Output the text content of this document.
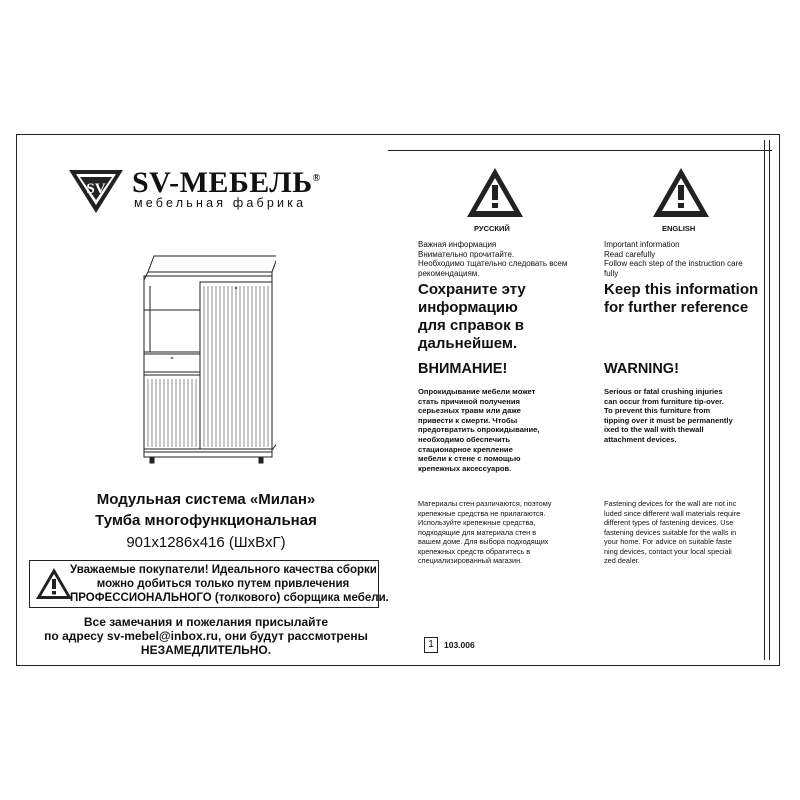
SV SV-МЕБЕЛЬ®
мебельная фабрика
=
=
Модульная система «Милан»
Тумба многофункциональная
901х1286х416 (ШхВхГ)
Уважаемые покупатели! Идеального качества сборки
можно добиться только путем привлечения
ПРОФЕССИОНАЛЬНОГО (толкового) сборщика мебели.
Все замечания и пожелания присылайте
по адресу sv-mebel@inbox.ru, они будут рассмотрены
НЕЗАМЕДЛИТЕЛЬНО.	1	103.006
РУССКИЙ
Важная информация
Внимательно прочитайте.
Необходимо тщательно следовать всем
рекомендациям.
Сохраните эту
информацию
для справок в
дальнейшем.
ВНИМАНИЕ!
Опрокидывание мебели может
стать причиной получения
серьезных травм или даже
привести к смерти. Чтобы
предотвратить опрокидывание,
необходимо обеспечить
стационарное крепление
мебели к стене с помощью
крепежных аксессуаров.
Материалы стен различаются, поэтому
крепежные средства не прилагаются.
Используйте крепежные средства,
подходящие для материала стен в
вашем доме. Для выбора подходящих
крепежных средств обратитесь в
специализированный магазин.
ENGLISH
Important information
Read carefully
Follow each step of the instruction care
fully
Keep this information
for further reference
WARNING!
Serious or fatal crushing injuries
can occur from furniture tip-over.
To prevent this furniture from
tipping over it must be permanently
ixed to the wall with thewall
attachment devices.
Fastening devices for the wall are not inc
luded since different wall materials require
different types of fastening devices. Use
fastening devices suitable for the walls in
your home. For advice on suitable faste
ning devices, contact your local speciali
zed dealer.
